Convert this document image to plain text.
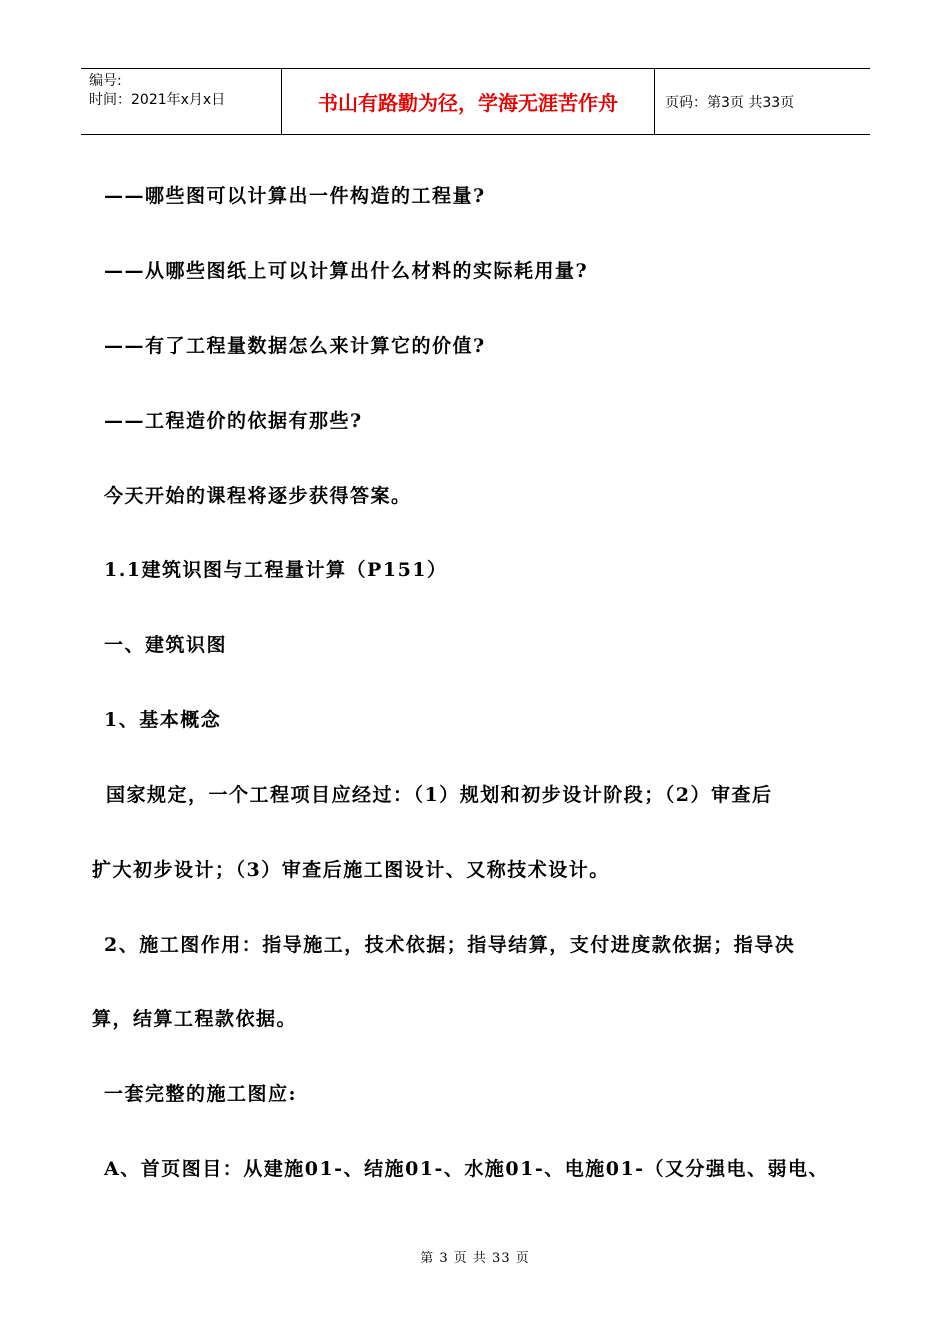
编号:
时间：2021年x月x日	书山有路勤为径，学海无涯苦作舟	页码：第3页 共33页
——哪些图可以计算出一件构造的工程量?
——从哪些图纸上可以计算出什么材料的实际耗用量?
——有了工程量数据怎么来计算它的价值?
——工程造价的依据有那些?
今天开始的课程将逐步获得答案。
1.1建筑识图与工程量计算（P151）
一、建筑识图
1、基本概念
国家规定，一个工程项目应经过：（1）规划和初步设计阶段；（2）审查后
扩大初步设计；（3）审查后施工图设计、又称技术设计。
2、施工图作用：指导施工，技术依据；指导结算，支付进度款依据；指导决
算，结算工程款依据。
一套完整的施工图应:
A、首页图目：从建施01-、结施01-、水施01-、电施01-（又分强电、弱电、
第 3 页 共 33 页
